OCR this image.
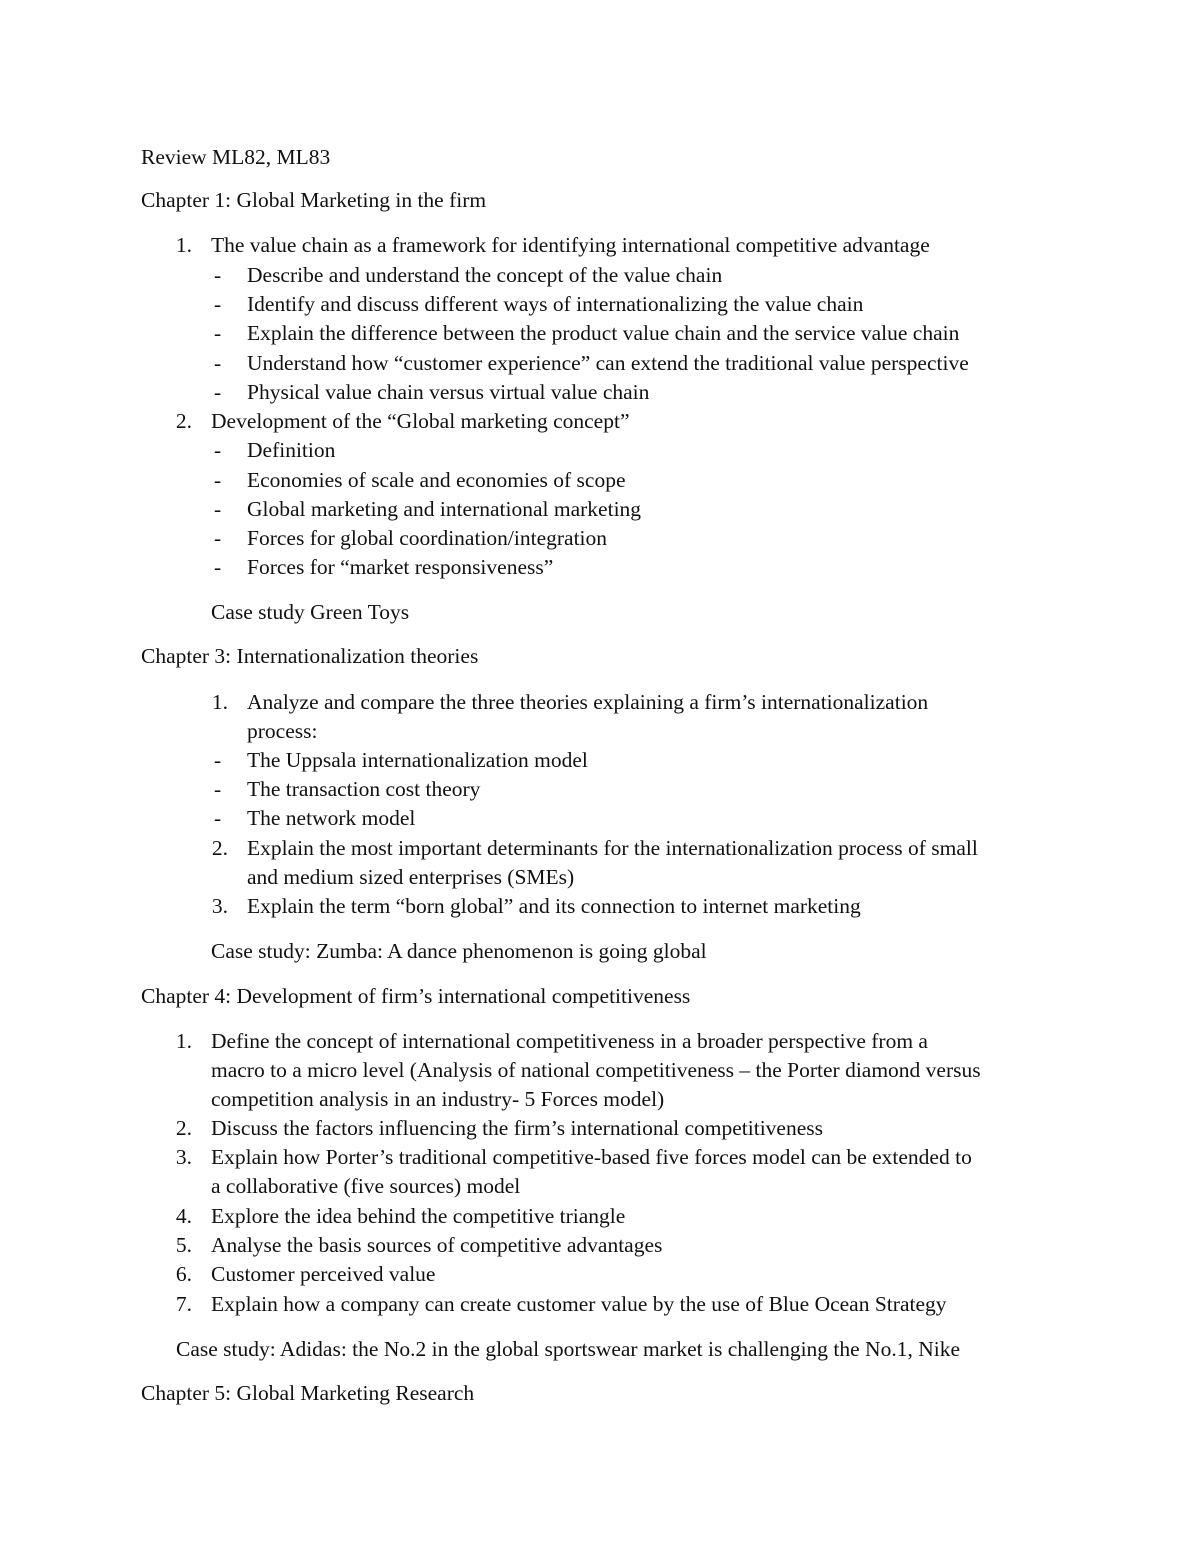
Review ML82, ML83
Chapter 1: Global Marketing in the firm
1. The value chain as a framework for identifying international competitive advantage
- Describe and understand the concept of the value chain
- Identify and discuss different ways of internationalizing the value chain
- Explain the difference between the product value chain and the service value chain
- Understand how “customer experience” can extend the traditional value perspective
- Physical value chain versus virtual value chain
2. Development of the “Global marketing concept”
- Definition
- Economies of scale and economies of scope
- Global marketing and international marketing
- Forces for global coordination/integration
- Forces for “market responsiveness”
Case study Green Toys
Chapter 3: Internationalization theories
1. Analyze and compare the three theories explaining a firm’s internationalization
process:
- The Uppsala internationalization model
- The transaction cost theory
- The network model
2. Explain the most important determinants for the internationalization process of small
and medium sized enterprises (SMEs)
3. Explain the term “born global” and its connection to internet marketing
Case study: Zumba: A dance phenomenon is going global
Chapter 4: Development of firm’s international competitiveness
1. Define the concept of international competitiveness in a broader perspective from a
macro to a micro level (Analysis of national competitiveness – the Porter diamond versus
competition analysis in an industry- 5 Forces model)
2. Discuss the factors influencing the firm’s international competitiveness
3. Explain how Porter’s traditional competitive-based five forces model can be extended to
a collaborative (five sources) model
4. Explore the idea behind the competitive triangle
5. Analyse the basis sources of competitive advantages
6. Customer perceived value
7. Explain how a company can create customer value by the use of Blue Ocean Strategy
Case study: Adidas: the No.2 in the global sportswear market is challenging the No.1, Nike
Chapter 5: Global Marketing Research
